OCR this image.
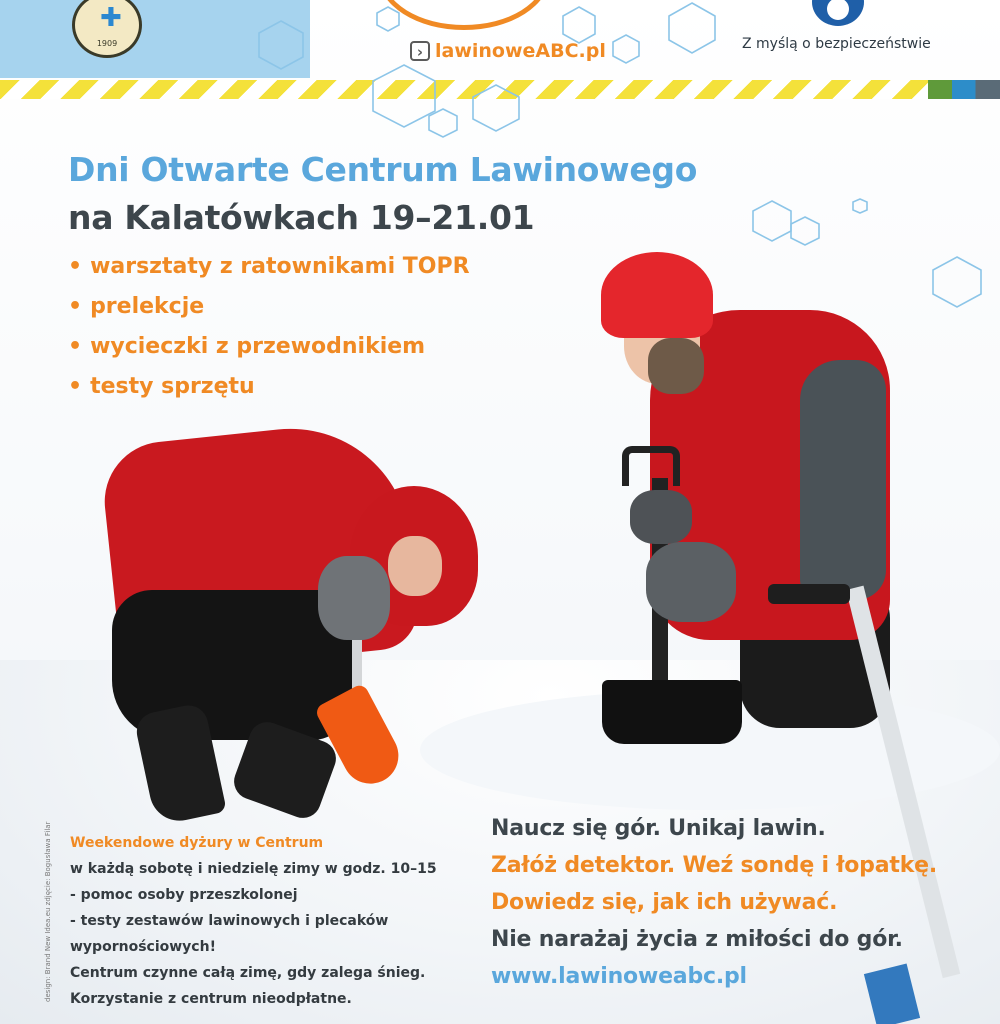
✚
1909	› lawinoweABC.pl	Z myślą o bezpieczeństwie
Dni Otwarte Centrum Lawinowego
na Kalatówkach 19–21.01
• warsztaty z ratownikami TOPR
• prelekcje
• wycieczki z przewodnikiem
• testy sprzętu
Weekendowe dyżury w Centrum
w każdą sobotę i niedzielę zimy w godz. 10–15
- pomoc osoby przeszkolonej
- testy zestawów lawinowych i plecaków
wypornościowych!
Centrum czynne całą zimę, gdy zalega śnieg.
Korzystanie z centrum nieodpłatne.
design: Brand New Idea.eu zdjęcie: Bogusława Filar	Naucz się gór. Unikaj lawin.
Załóż detektor. Weź sondę i łopatkę.
Dowiedz się, jak ich używać.
Nie narażaj życia z miłości do gór.
www.lawinoweabc.pl
